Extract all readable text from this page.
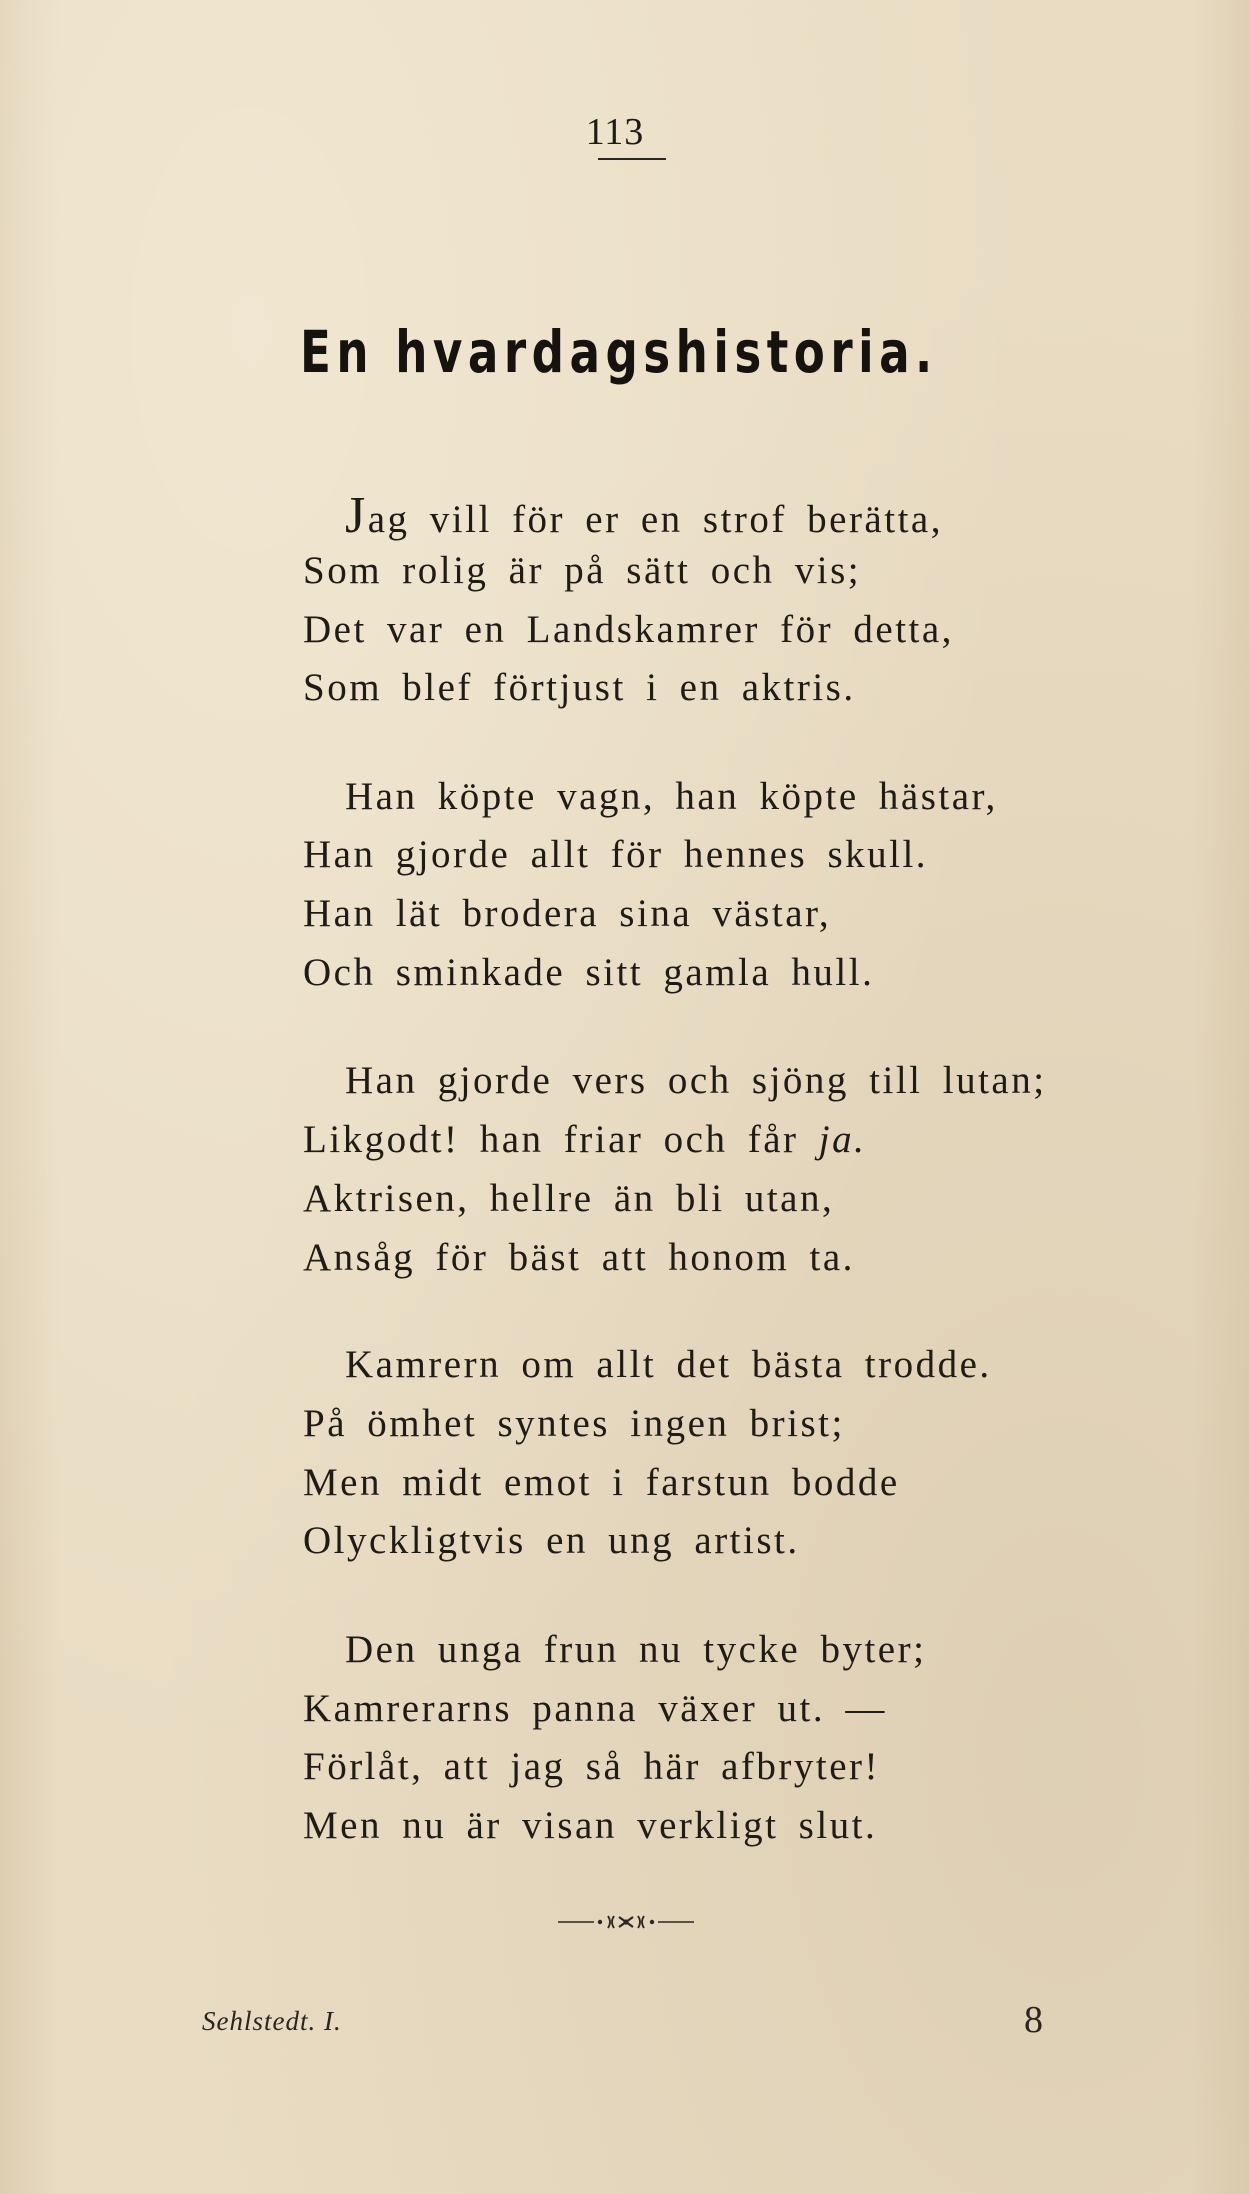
113
En hvardagshistoria.
Jag vill för er en strof berätta,
Som rolig är på sätt och vis;
Det var en Landskamrer för detta,
Som blef förtjust i en aktris.
Han köpte vagn, han köpte hästar,
Han gjorde allt för hennes skull.
Han lät brodera sina västar,
Och sminkade sitt gamla hull.
Han gjorde vers och sjöng till lutan;
Likgodt! han friar och får ja.
Aktrisen, hellre än bli utan,
Ansåg för bäst att honom ta.
Kamrern om allt det bästa trodde.
På ömhet syntes ingen brist;
Men midt emot i farstun bodde
Olyckligtvis en ung artist.
Den unga frun nu tycke byter;
Kamrerarns panna växer ut. —
Förlåt, att jag så här afbryter!
Men nu är visan verkligt slut.
Sehlstedt. I.	8
